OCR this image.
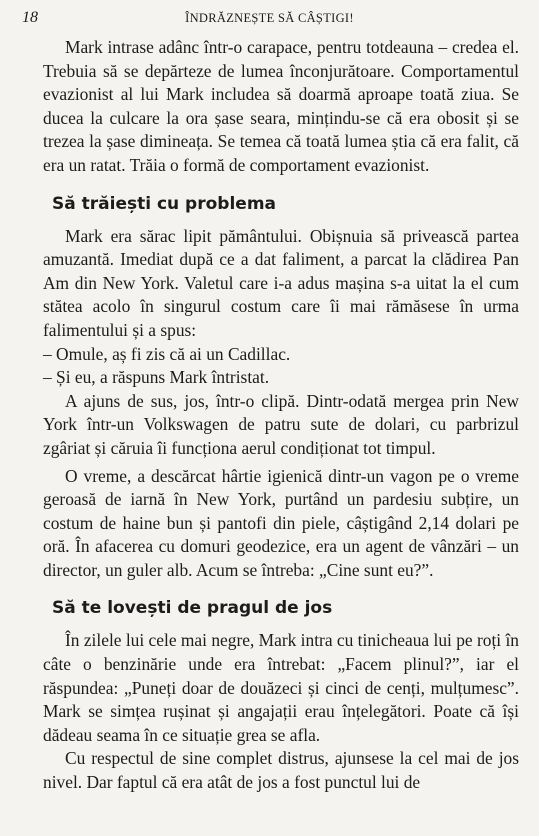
18	ÎNDRĂZNEȘTE SĂ CÂȘTIGI!

Mark intrase adânc într-o carapace, pentru totdeauna – credea el. Trebuia să se depărteze de lumea înconjurătoare. Comportamentul evazionist al lui Mark includea să doarmă aproape toată ziua. Se ducea la culcare la ora șase seara, mințindu-se că era obosit și se trezea la șase dimineața. Se temea că toată lumea știa că era falit, că era un ratat. Trăia o formă de comportament evazionist.

Să trăiești cu problema

Mark era sărac lipit pământului. Obișnuia să privească partea amuzantă. Imediat după ce a dat faliment, a parcat la clădirea Pan Am din New York. Valetul care i-a adus mașina s-a uitat la el cum stătea acolo în singurul costum care îi mai rămăsese în urma falimentului și a spus:

– Omule, aș fi zis că ai un Cadillac.

– Și eu, a răspuns Mark întristat.

A ajuns de sus, jos, într-o clipă. Dintr-odată mergea prin New York într-un Volkswagen de patru sute de dolari, cu parbrizul zgâriat și căruia îi funcționa aerul condiționat tot timpul.

O vreme, a descărcat hârtie igienică dintr-un vagon pe o vreme geroasă de iarnă în New York, purtând un pardesiu subțire, un costum de haine bun și pantofi din piele, câștigând 2,14 dolari pe oră. În afacerea cu domuri geodezice, era un agent de vânzări – un director, un guler alb. Acum se întreba: „Cine sunt eu?”.

Să te lovești de pragul de jos

În zilele lui cele mai negre, Mark intra cu tinicheaua lui pe roți în câte o benzinărie unde era întrebat: „Facem plinul?”, iar el răspundea: „Puneți doar de douăzeci și cinci de cenți, mulțumesc”. Mark se simțea rușinat și angajații erau înțelegători. Poate că își dădeau seama în ce situație grea se afla.

Cu respectul de sine complet distrus, ajunsese la cel mai de jos nivel. Dar faptul că era atât de jos a fost punctul lui de
